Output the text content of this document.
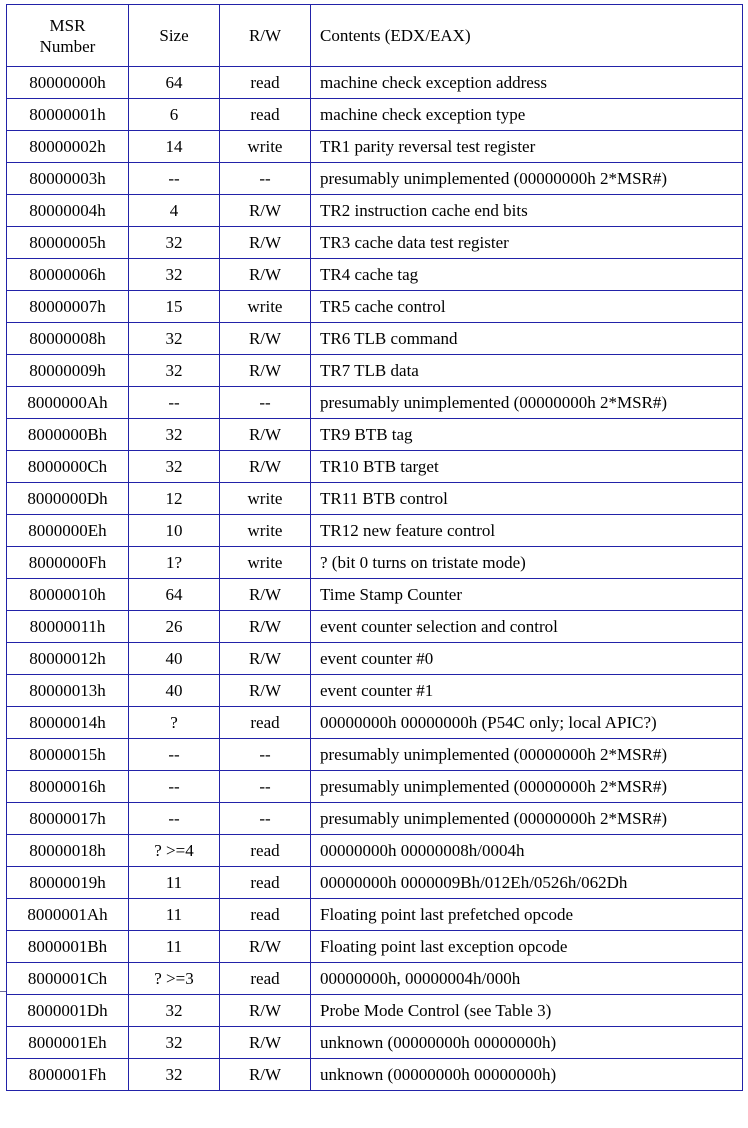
MSR
Number	Size	R/W	Contents (EDX/EAX)
80000000h	64	read	machine check exception address
80000001h	6	read	machine check exception type
80000002h	14	write	TR1 parity reversal test register
80000003h	--	--	presumably unimplemented (00000000h 2*MSR#)
80000004h	4	R/W	TR2 instruction cache end bits
80000005h	32	R/W	TR3 cache data test register
80000006h	32	R/W	TR4 cache tag
80000007h	15	write	TR5 cache control
80000008h	32	R/W	TR6 TLB command
80000009h	32	R/W	TR7 TLB data
8000000Ah	--	--	presumably unimplemented (00000000h 2*MSR#)
8000000Bh	32	R/W	TR9 BTB tag
8000000Ch	32	R/W	TR10 BTB target
8000000Dh	12	write	TR11 BTB control
8000000Eh	10	write	TR12 new feature control
8000000Fh	1?	write	? (bit 0 turns on tristate mode)
80000010h	64	R/W	Time Stamp Counter
80000011h	26	R/W	event counter selection and control
80000012h	40	R/W	event counter #0
80000013h	40	R/W	event counter #1
80000014h	?	read	00000000h 00000000h (P54C only; local APIC?)
80000015h	--	--	presumably unimplemented (00000000h 2*MSR#)
80000016h	--	--	presumably unimplemented (00000000h 2*MSR#)
80000017h	--	--	presumably unimplemented (00000000h 2*MSR#)
80000018h	? >=4	read	00000000h 00000008h/0004h
80000019h	11	read	00000000h 0000009Bh/012Eh/0526h/062Dh
8000001Ah	11	read	Floating point last prefetched opcode
8000001Bh	11	R/W	Floating point last exception opcode
8000001Ch	? >=3	read	00000000h, 00000004h/000h
8000001Dh	32	R/W	Probe Mode Control (see Table 3)
8000001Eh	32	R/W	unknown (00000000h 00000000h)
8000001Fh	32	R/W	unknown (00000000h 00000000h)
